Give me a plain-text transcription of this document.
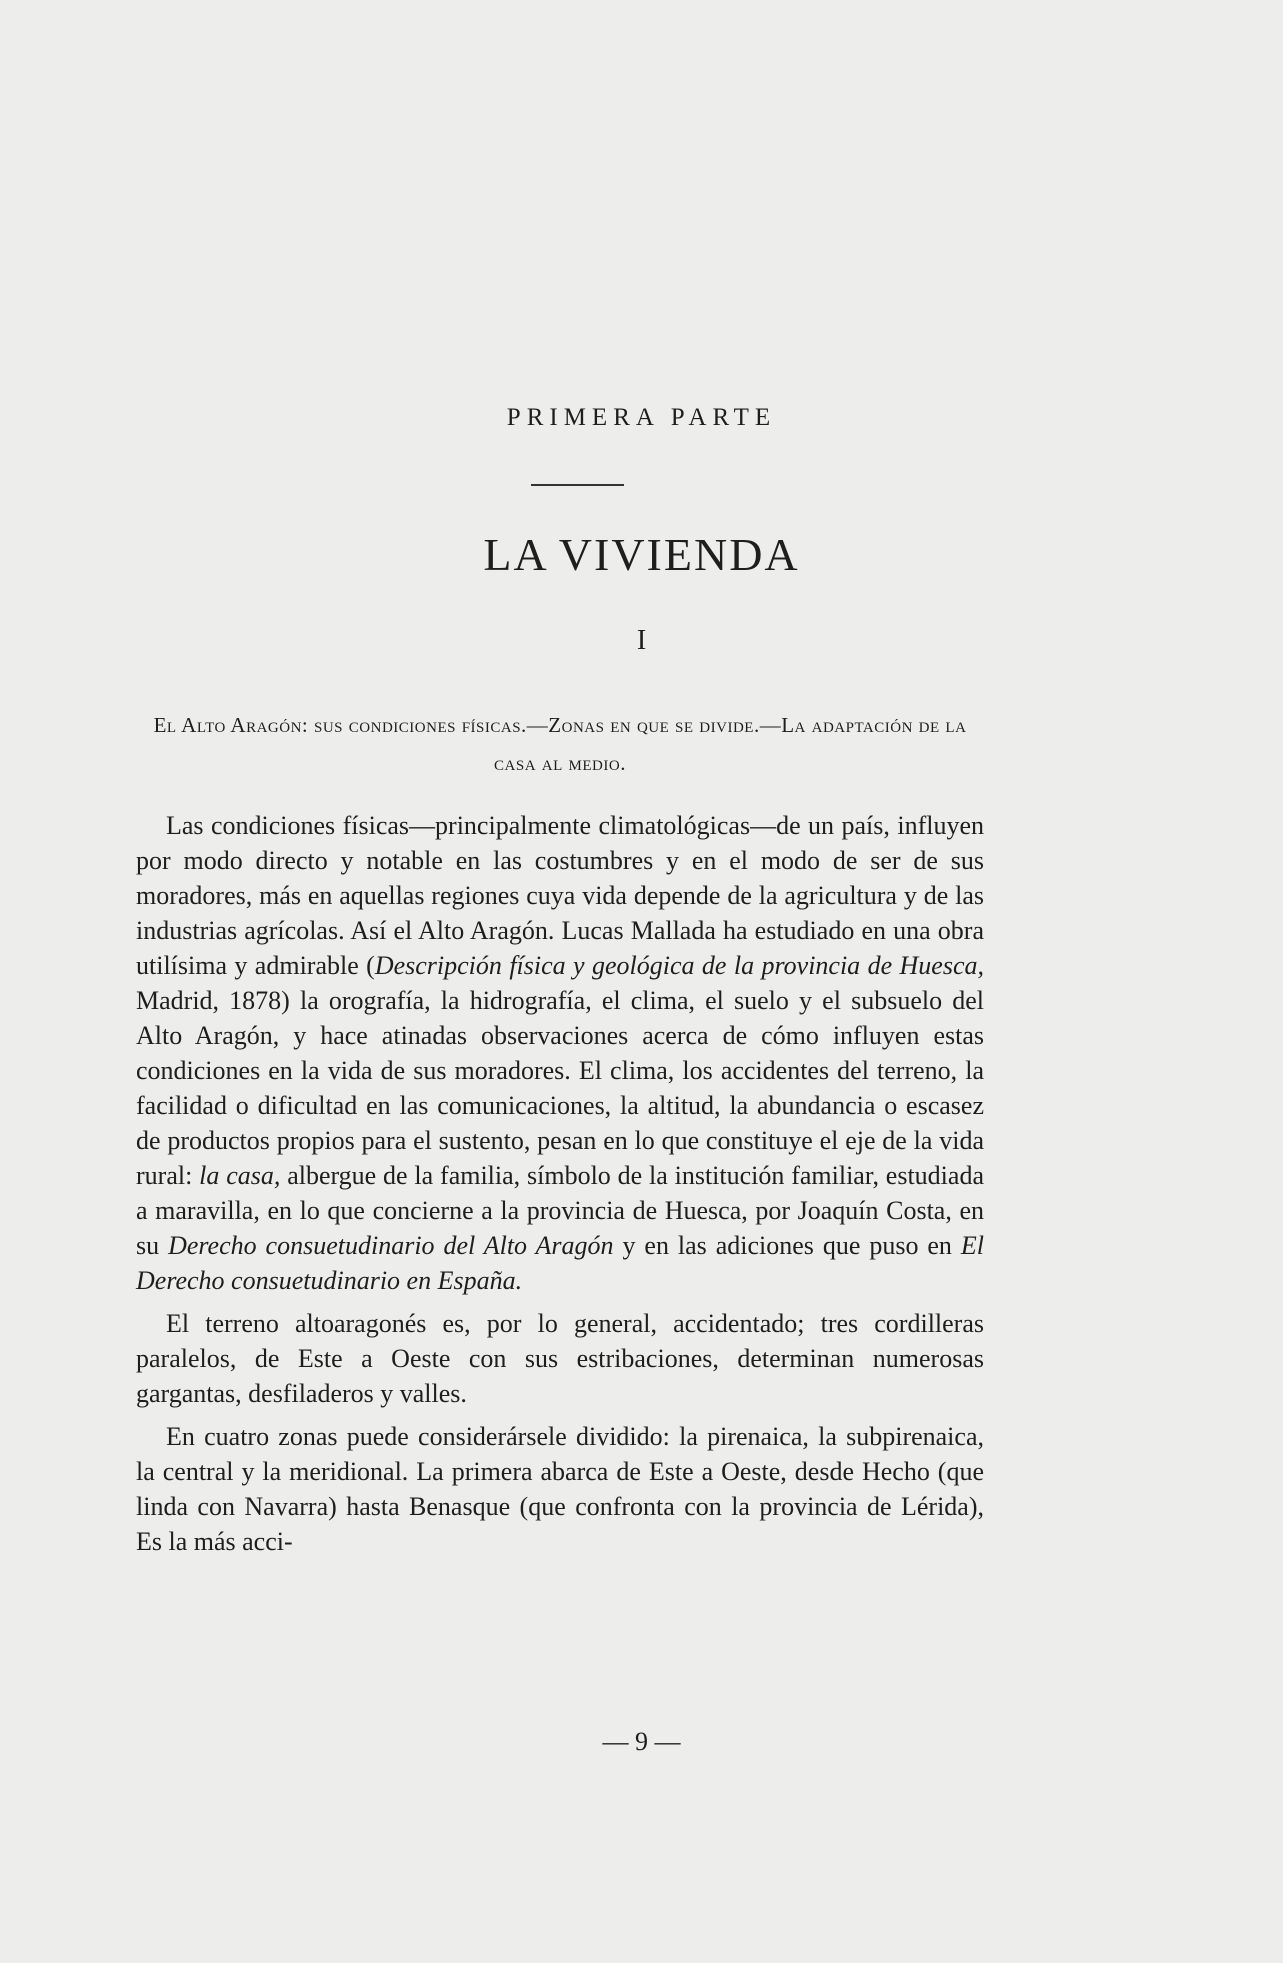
PRIMERA PARTE
LA VIVIENDA
I
El Alto Aragón: sus condiciones físicas.—Zonas en que se divide.—La adaptación de la casa al medio.

Las condiciones físicas—principalmente climatológicas—de un país, influyen por modo directo y notable en las costumbres y en el modo de ser de sus moradores, más en aquellas regiones cuya vida depende de la agricultura y de las industrias agrícolas. Así el Alto Aragón. Lucas Mallada ha estudiado en una obra utilísima y admirable (Descripción física y geológica de la provincia de Huesca, Madrid, 1878) la orografía, la hidrografía, el clima, el suelo y el subsuelo del Alto Aragón, y hace atinadas observaciones acerca de cómo influyen estas condiciones en la vida de sus moradores. El clima, los accidentes del terreno, la facilidad o dificultad en las comunicaciones, la altitud, la abundancia o escasez de productos propios para el sustento, pesan en lo que constituye el eje de la vida rural: la casa, albergue de la familia, símbolo de la institución familiar, estudiada a maravilla, en lo que concierne a la provincia de Huesca, por Joaquín Costa, en su Derecho consuetudinario del Alto Aragón y en las adiciones que puso en El Derecho consuetudinario en España.

El terreno altoaragonés es, por lo general, accidentado; tres cordilleras paralelos, de Este a Oeste con sus estribaciones, determinan numerosas gargantas, desfiladeros y valles.

En cuatro zonas puede considerársele dividido: la pirenaica, la subpirenaica, la central y la meridional. La primera abarca de Este a Oeste, desde Hecho (que linda con Navarra) hasta Benasque (que confronta con la provincia de Lérida), Es la más acci-

— 9 —
